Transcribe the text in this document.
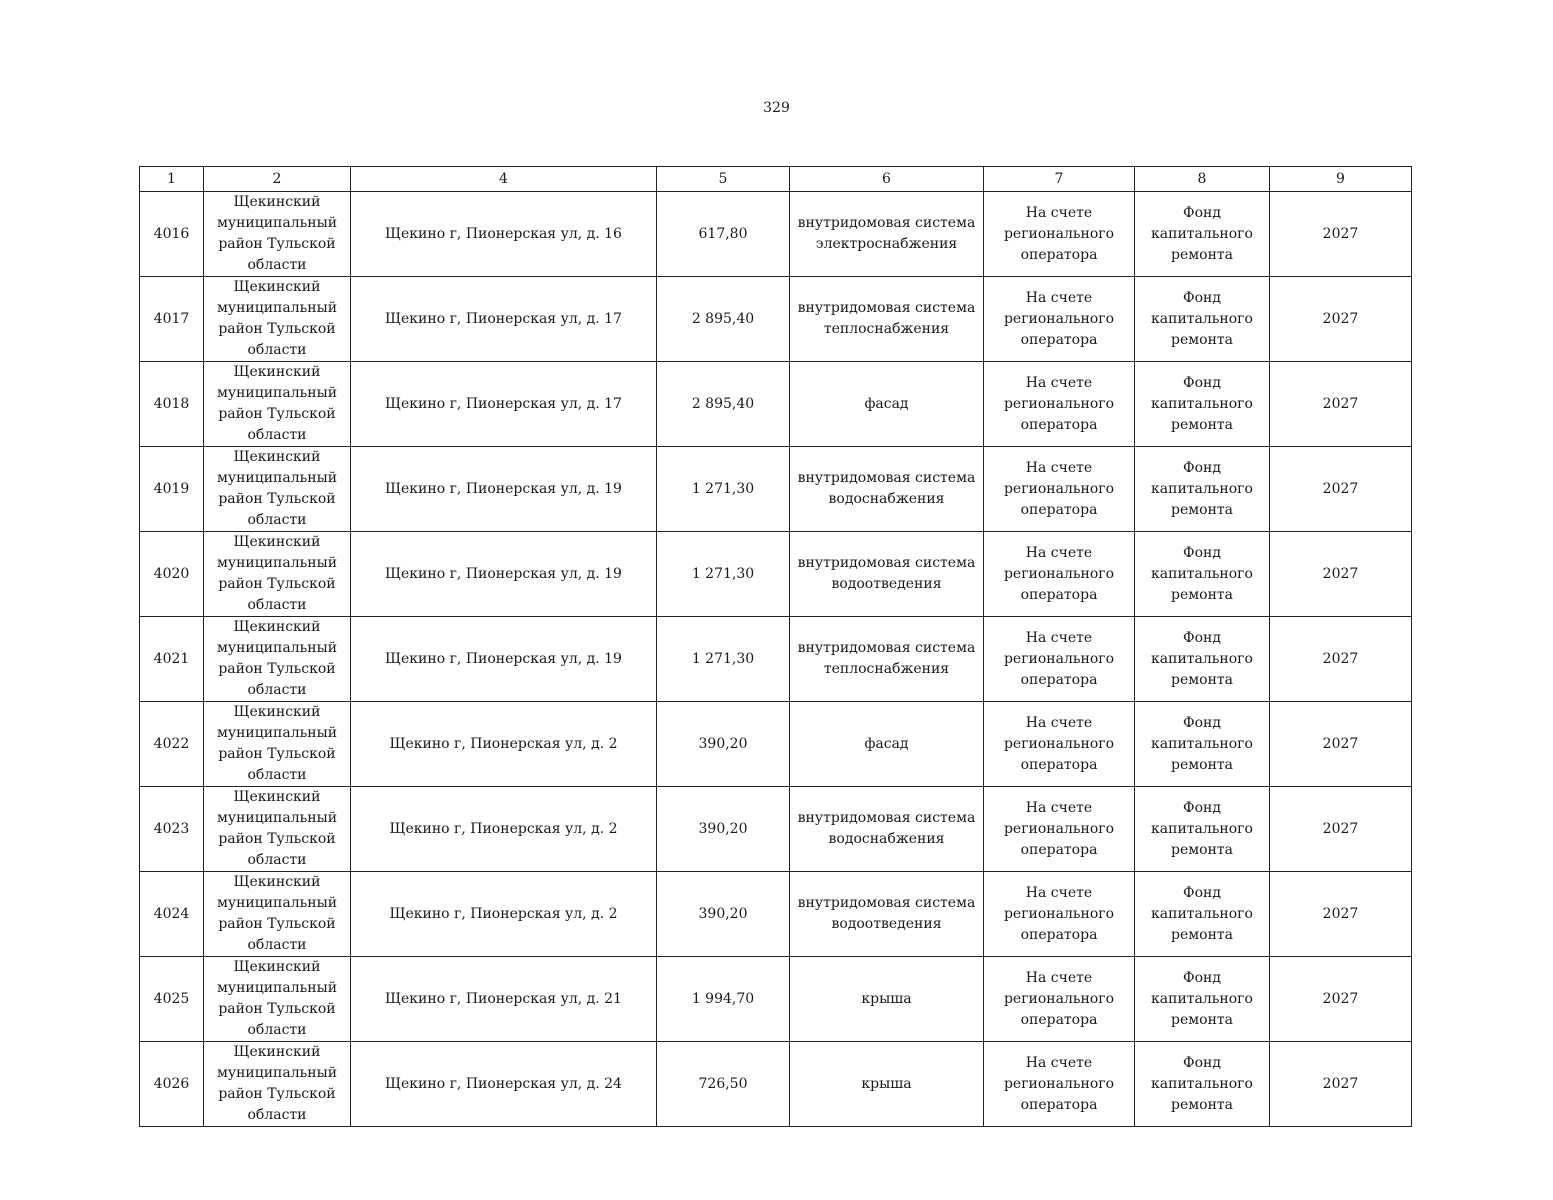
329
1	2	4	5	6	7	8	9
4016	Щекинский муниципальный район Тульской области	Щекино г, Пионерская ул, д. 16	617,80	внутридомовая система электроснабжения	На счете регионального оператора	Фонд капитального ремонта	2027
4017	Щекинский муниципальный район Тульской области	Щекино г, Пионерская ул, д. 17	2 895,40	внутридомовая система теплоснабжения	На счете регионального оператора	Фонд капитального ремонта	2027
4018	Щекинский муниципальный район Тульской области	Щекино г, Пионерская ул, д. 17	2 895,40	фасад	На счете регионального оператора	Фонд капитального ремонта	2027
4019	Щекинский муниципальный район Тульской области	Щекино г, Пионерская ул, д. 19	1 271,30	внутридомовая система водоснабжения	На счете регионального оператора	Фонд капитального ремонта	2027
4020	Щекинский муниципальный район Тульской области	Щекино г, Пионерская ул, д. 19	1 271,30	внутридомовая система водоотведения	На счете регионального оператора	Фонд капитального ремонта	2027
4021	Щекинский муниципальный район Тульской области	Щекино г, Пионерская ул, д. 19	1 271,30	внутридомовая система теплоснабжения	На счете регионального оператора	Фонд капитального ремонта	2027
4022	Щекинский муниципальный район Тульской области	Щекино г, Пионерская ул, д. 2	390,20	фасад	На счете регионального оператора	Фонд капитального ремонта	2027
4023	Щекинский муниципальный район Тульской области	Щекино г, Пионерская ул, д. 2	390,20	внутридомовая система водоснабжения	На счете регионального оператора	Фонд капитального ремонта	2027
4024	Щекинский муниципальный район Тульской области	Щекино г, Пионерская ул, д. 2	390,20	внутридомовая система водоотведения	На счете регионального оператора	Фонд капитального ремонта	2027
4025	Щекинский муниципальный район Тульской области	Щекино г, Пионерская ул, д. 21	1 994,70	крыша	На счете регионального оператора	Фонд капитального ремонта	2027
4026	Щекинский муниципальный район Тульской области	Щекино г, Пионерская ул, д. 24	726,50	крыша	На счете регионального оператора	Фонд капитального ремонта	2027
